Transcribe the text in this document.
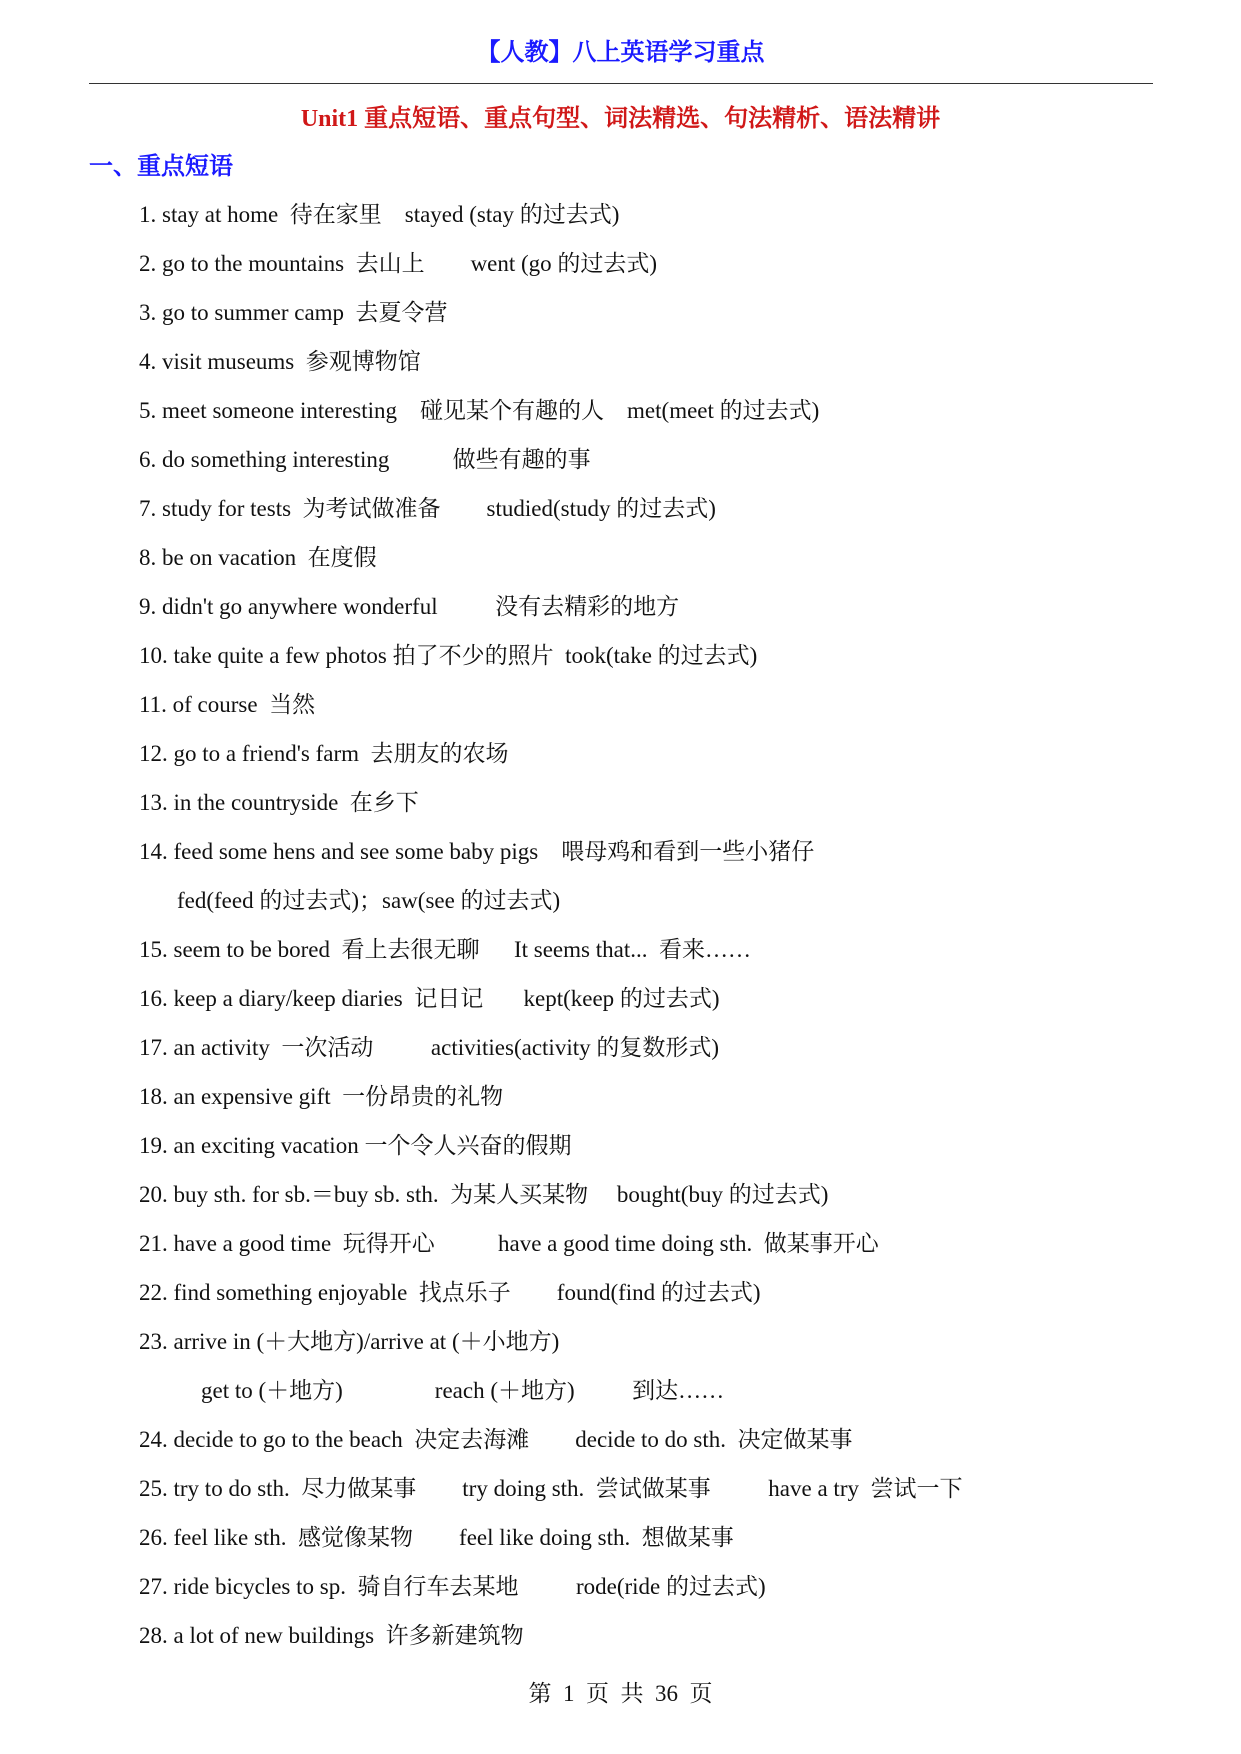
【人教】八上英语学习重点
Unit1 重点短语、重点句型、词法精选、句法精析、语法精讲
一、重点短语
1. stay at home  待在家里    stayed (stay 的过去式)
2. go to the mountains  去山上        went (go 的过去式)
3. go to summer camp  去夏令营
4. visit museums  参观博物馆
5. meet someone interesting    碰见某个有趣的人    met(meet 的过去式)
6. do something interesting           做些有趣的事
7. study for tests  为考试做准备        studied(study 的过去式)
8. be on vacation  在度假
9. didn't go anywhere wonderful          没有去精彩的地方
10. take quite a few photos 拍了不少的照片  took(take 的过去式)
11. of course  当然
12. go to a friend's farm  去朋友的农场
13. in the countryside  在乡下
14. feed some hens and see some baby pigs    喂母鸡和看到一些小猪仔
fed(feed 的过去式)；saw(see 的过去式)
15. seem to be bored  看上去很无聊      It seems that...  看来……
16. keep a diary/keep diaries  记日记       kept(keep 的过去式)
17. an activity  一次活动          activities(activity 的复数形式)
18. an expensive gift  一份昂贵的礼物
19. an exciting vacation 一个令人兴奋的假期
20. buy sth. for sb.＝buy sb. sth.  为某人买某物     bought(buy 的过去式)
21. have a good time  玩得开心           have a good time doing sth.  做某事开心
22. find something enjoyable  找点乐子        found(find 的过去式)
23. arrive in (＋大地方)/arrive at (＋小地方)
get to (＋地方)                reach (＋地方)          到达……
24. decide to go to the beach  决定去海滩        decide to do sth.  决定做某事
25. try to do sth.  尽力做某事        try doing sth.  尝试做某事          have a try  尝试一下
26. feel like sth.  感觉像某物        feel like doing sth.  想做某事
27. ride bicycles to sp.  骑自行车去某地          rode(ride 的过去式)
28. a lot of new buildings  许多新建筑物
第  1  页  共  36  页
